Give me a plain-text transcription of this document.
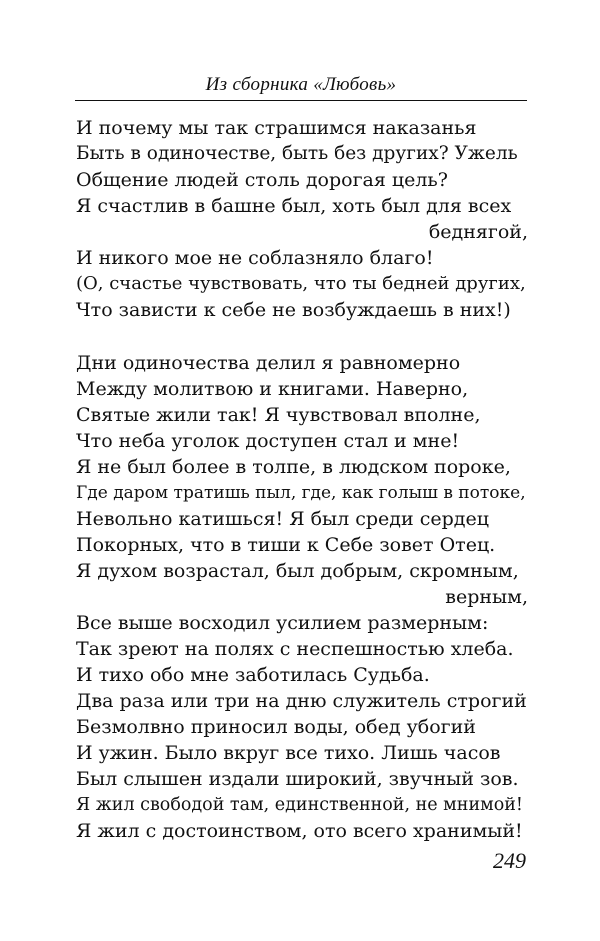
Из сборника «Любовь»
И почему мы так страшимся наказанья
Быть в одиночестве, быть без других? Ужель
Общение людей столь дорогая цель?
Я счастлив в башне был, хоть был для всех
беднягой,
И никого мое не соблазняло благо!
(О, счастье чувствовать, что ты бедней других,
Что зависти к себе не возбуждаешь в них!)
Дни одиночества делил я равномерно
Между молитвою и книгами. Наверно,
Святые жили так! Я чувствовал вполне,
Что неба уголок доступен стал и мне!
Я не был более в толпе, в людском пороке,
Где даром тратишь пыл, где, как голыш в потоке,
Невольно катишься! Я был среди сердец
Покорных, что в тиши к Себе зовет Отец.
Я духом возрастал, был добрым, скромным,
верным,
Все выше восходил усилием размерным:
Так зреют на полях с неспешностью хлеба.
И тихо обо мне заботилась Судьба.
Два раза или три на дню служитель строгий
Безмолвно приносил воды, обед убогий
И ужин. Было вкруг все тихо. Лишь часов
Был слышен издали широкий, звучный зов.
Я жил свободой там, единственной, не мнимой!
Я жил с достоинством, ото всего хранимый!
249
